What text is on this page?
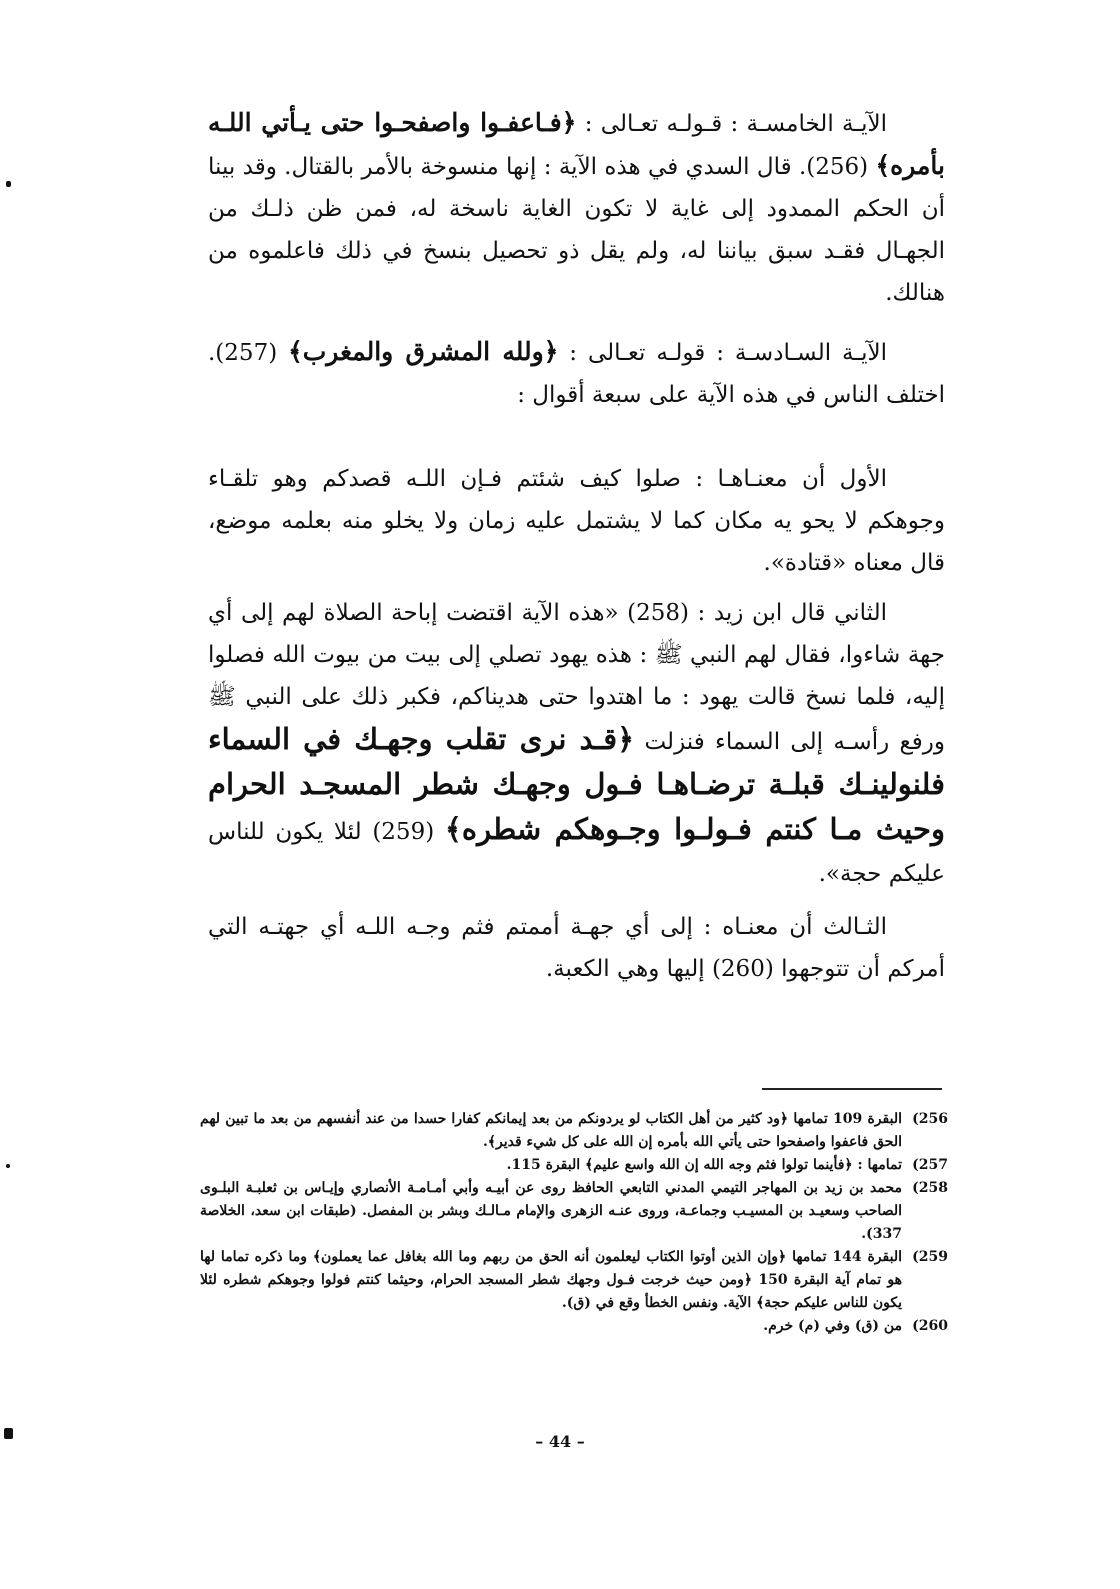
الآيـة الخامسـة : قـولـه تعـالى : ﴿فـاعفـوا واصفحـوا حتى يـأتي اللـه بأمره﴾ (256). قال السدي في هذه الآية : إنها منسوخة بالأمر بالقتال. وقد بينا أن الحكم الممدود إلى غاية لا تكون الغاية ناسخة له، فمن ظن ذلـك من الجهـال فقـد سبق بياننا له، ولم يقل ذو تحصيل بنسخ في ذلك فاعلموه من هنالك.

الآيـة السـادسـة : قولـه تعـالى : ﴿ولله المشرق والمغرب﴾ (257). اختلف الناس في هذه الآية على سبعة أقوال :

الأول أن معنـاهـا : صلوا كيف شئتم فـإن اللـه قصدكم وهو تلقـاء وجوهكم لا يحو يه مكان كما لا يشتمل عليه زمان ولا يخلو منه بعلمه موضع، قال معناه «قتادة».

الثاني قال ابن زيد : (258) «هذه الآية اقتضت إباحة الصلاة لهم إلى أي جهة شاءوا، فقال لهم النبي ﷺ : هذه يهود تصلي إلى بيت من بيوت الله فصلوا إليه، فلما نسخ قالت يهود : ما اهتدوا حتى هديناكم، فكبر ذلك على النبي ﷺ ورفع رأسـه إلى السماء فنزلت ﴿قـد نرى تقلب وجهـك في السماء فلنولينـك قبلـة ترضـاهـا فـول وجهـك شطر المسجـد الحرام وحيث مـا كنتم فـولـوا وجـوهكم شطره﴾ (259) لئلا يكون للناس عليكم حجة».

الثـالث أن معنـاه : إلى أي جهـة أممتم فثم وجـه اللـه أي جهتـه التي أمركم أن تتوجهوا (260) إليها وهي الكعبة.

256)
البقرة 109 تمامها ﴿ود كثير من أهل الكتاب لو يردونكم من بعد إيمانكم كفارا حسدا من عند أنفسهم من بعد ما تبين لهم الحق فاعفوا واصفحوا حتى يأتي الله بأمره إن الله على كل شيء قدير﴾.
257)
تمامها : ﴿فأينما تولوا فثم وجه الله إن الله واسع عليم﴾ البقرة 115.
258)
محمد بن زيد بن المهاجر التيمي المدني التابعي الحافظ روى عن أبيـه وأبي أمـامـة الأنصاري وإيـاس بن ثعلبـة البلـوى الصاحب وسعيـد بن المسيـب وجماعـة، وروى عنـه الزهرى والإمام مـالـك وبشر بن المفصل. (طبقات ابن سعد، الخلاصة 337).
259)
البقرة 144 تمامها ﴿وإن الذين أوتوا الكتاب ليعلمون أنه الحق من ربهم وما الله بغافل عما يعملون﴾ وما ذكره تماما لها هو تمام آية البقرة 150 ﴿ومن حيث خرجت فـول وجهك شطر المسجد الحرام، وحيثما كنتم فولوا وجوهكم شطره لئلا يكون للناس عليكم حجة﴾ الآية. ونفس الخطأ وقع في (ق).
260)
من (ق) وفي (م) خرم.
– 44 –
